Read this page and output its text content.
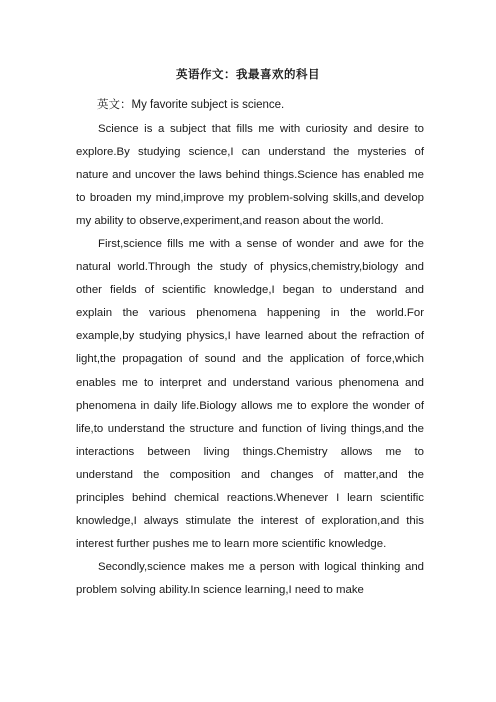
英语作文：我最喜欢的科目

英文：My favorite subject is science.

Science is a subject that fills me with curiosity and desire to explore.By studying science,I can understand the mysteries of nature and uncover the laws behind things.Science has enabled me to broaden my mind,improve my problem-solving skills,and develop my ability to observe,experiment,and reason about the world.

First,science fills me with a sense of wonder and awe for the natural world.Through the study of physics,chemistry,biology and other fields of scientific knowledge,I began to understand and explain the various phenomena happening in the world.For example,by studying physics,I have learned about the refraction of light,the propagation of sound and the application of force,which enables me to interpret and understand various phenomena and phenomena in daily life.Biology allows me to explore the wonder of life,to understand the structure and function of living things,and the interactions between living things.Chemistry allows me to understand the composition and changes of matter,and the principles behind chemical reactions.Whenever I learn scientific knowledge,I always stimulate the interest of exploration,and this interest further pushes me to learn more scientific knowledge.

Secondly,science makes me a person with logical thinking and problem solving ability.In science learning,I need to make
